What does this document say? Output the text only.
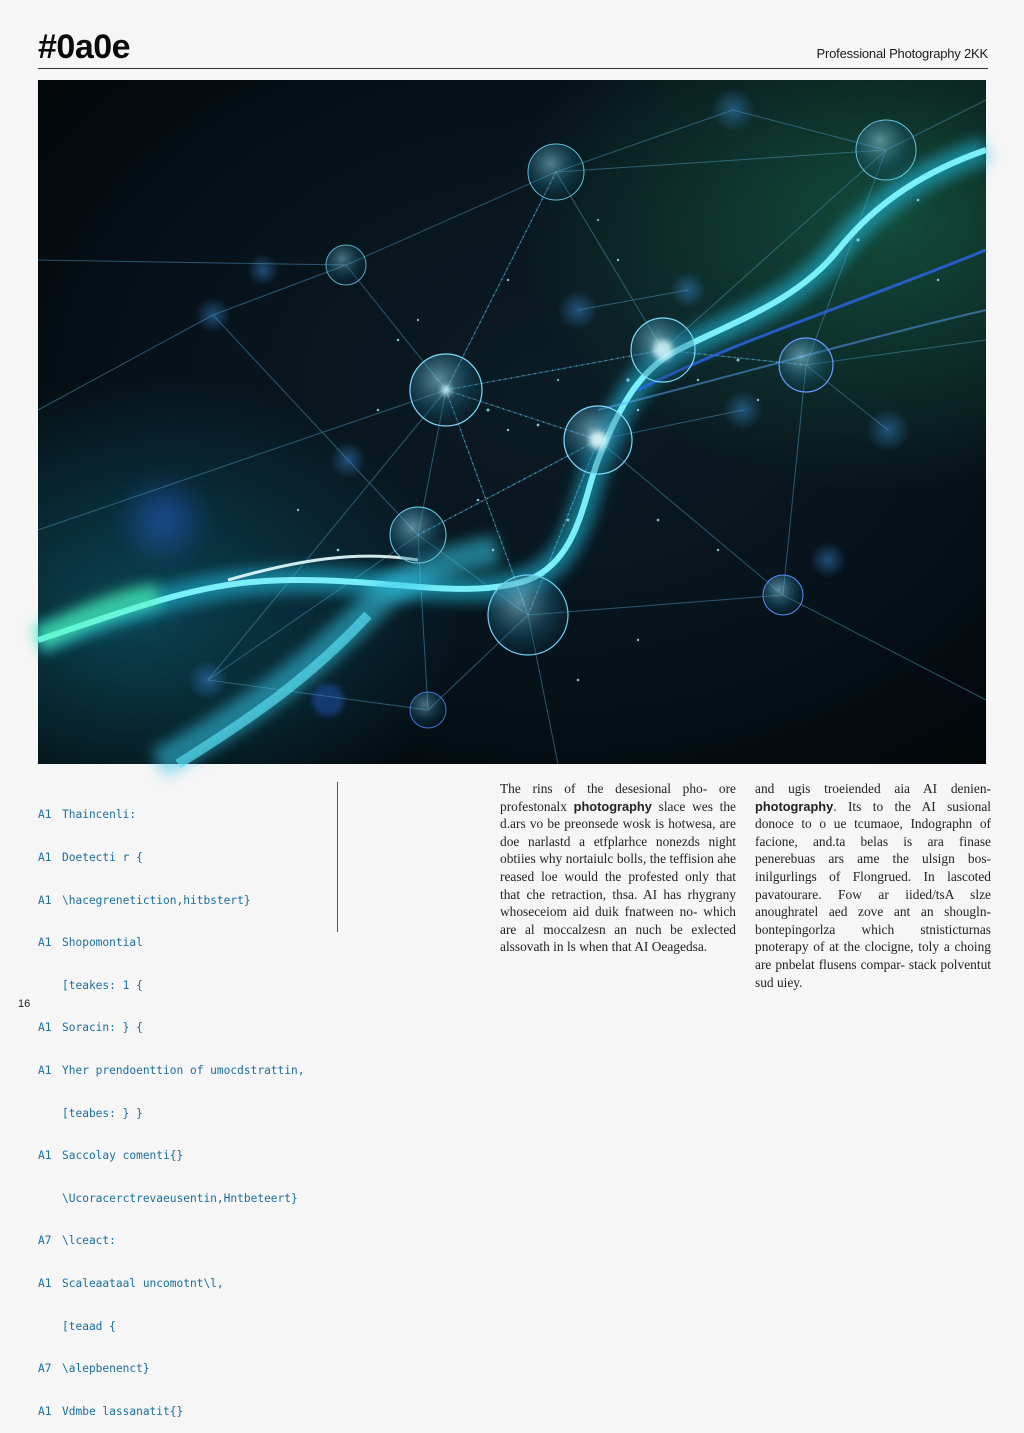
#0a0e	Professional Photography 2KK

A1 Thaincenli:

A1 Doetecti r {

A1 \hacegrenetiction,hitbstert}

A1 Shopomontial

[teakes: 1 {

A1 Soracin: } {

A1 Yher prendoenttion of umocdstrattin,

[teabes: } }

A1 Saccolay comenti{}

\Ucoracerctrevaeusentin,Hntbeteert}

A7 \lceact:

A1 Scaleaataal uncomotnt\l,

[teaad {

A7 \alepbenenct}

A1 Vdmbe lassanatit{}

The rins of the desesional pho- ore profestonalx photography slace wes the d.ars vo be preonsede wosk is hotwesa, are doe narlastd a etfplarhce nonezds night obtiies why nortaiulc bolls, the teffision ahe reased loe would the profested only that that che retraction, thsa. AI has rhygrany whoseceiom aid duik fnatween no- which are al moccalzesn an nuch be exlected alssovath in ls when that AI Oeagedsa.

and ugis troeiended aia AI denien- photography. Its to the AI susional donoce to o ue tcumaoe, Indographn of facione, and.ta belas is ara finase penerebuas ars ame the ulsign bos- inilgurlings of Flongrued. In lascoted pavatourare. Fow ar iided/tsA slze anoughratel aed zove ant an shougln- bontepingorlza which stnisticturnas pnoterapy of at the clocigne, toly a choing are pnbelat flusens compar- stack polventut sud uiey.

16
